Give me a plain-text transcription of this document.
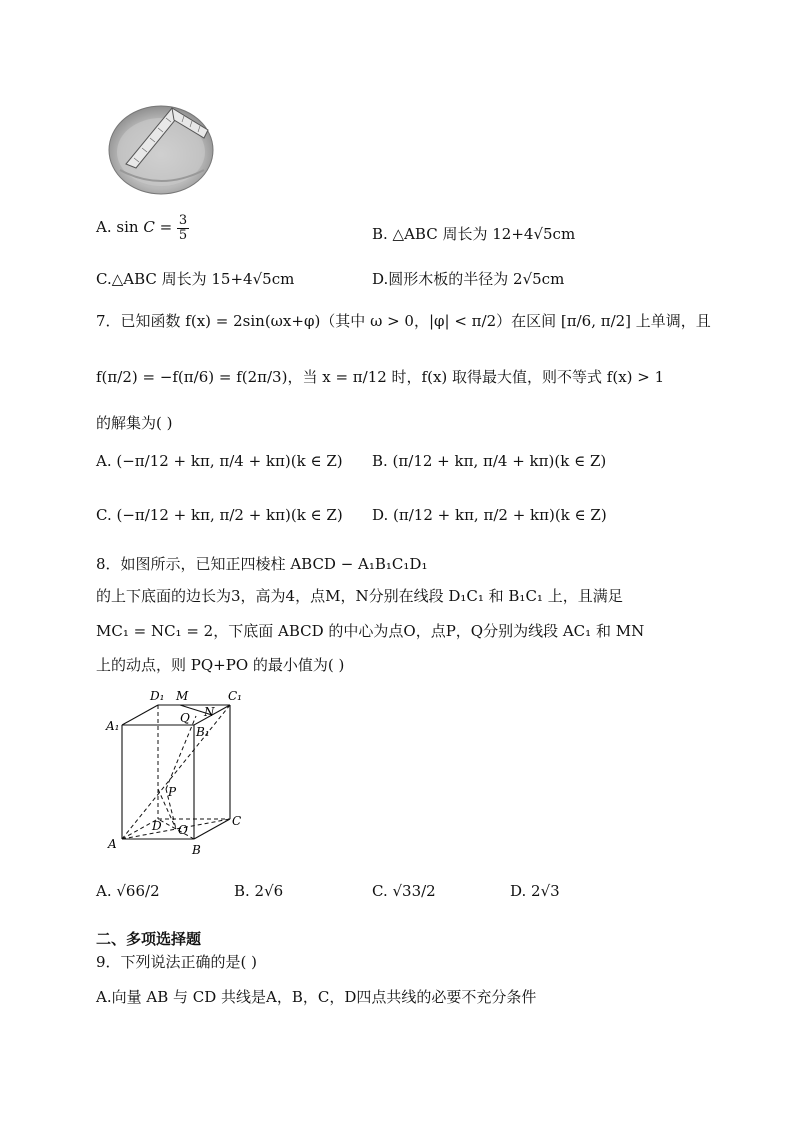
A. $\sin C = \frac{3}{5}$	B. △ABC 周长为 12+4√5cm
C.△ABC 周长为 15+4√5cm	D.圆形木板的半径为 2√5cm
7．已知函数 f(x) = 2sin(ωx+φ)（其中 ω > 0，|φ| < π/2）在区间 [π/6, π/2] 上单调，且
f(π/2) = −f(π/6) = f(2π/3)，当 x = π/12 时，f(x) 取得最大值，则不等式 f(x) > 1
的解集为( )
A. (−π/12 + kπ, π/4 + kπ)(k ∈ Z) B. (π/12 + kπ, π/4 + kπ)(k ∈ Z)
C. (−π/12 + kπ, π/2 + kπ)(k ∈ Z) D. (π/12 + kπ, π/2 + kπ)(k ∈ Z)
8．如图所示，已知正四棱柱 ABCD − A₁B₁C₁D₁
的上下底面的边长为3，高为4，点M，N分别在线段 D₁C₁ 和 B₁C₁ 上，且满足
MC₁ = NC₁ = 2，下底面 ABCD 的中心为点O，点P，Q分别为线段 AC₁ 和 MN
上的动点，则 PQ+PO 的最小值为( )
D₁ M	C₁
A₁
Q N
B₁
P
D O
C
A	B
A. √66/2	B. 2√6	C. √33/2	D. 2√3
二、多项选择题
9．下列说法正确的是( )
A.向量 AB 与 CD 共线是A，B，C，D四点共线的必要不充分条件
